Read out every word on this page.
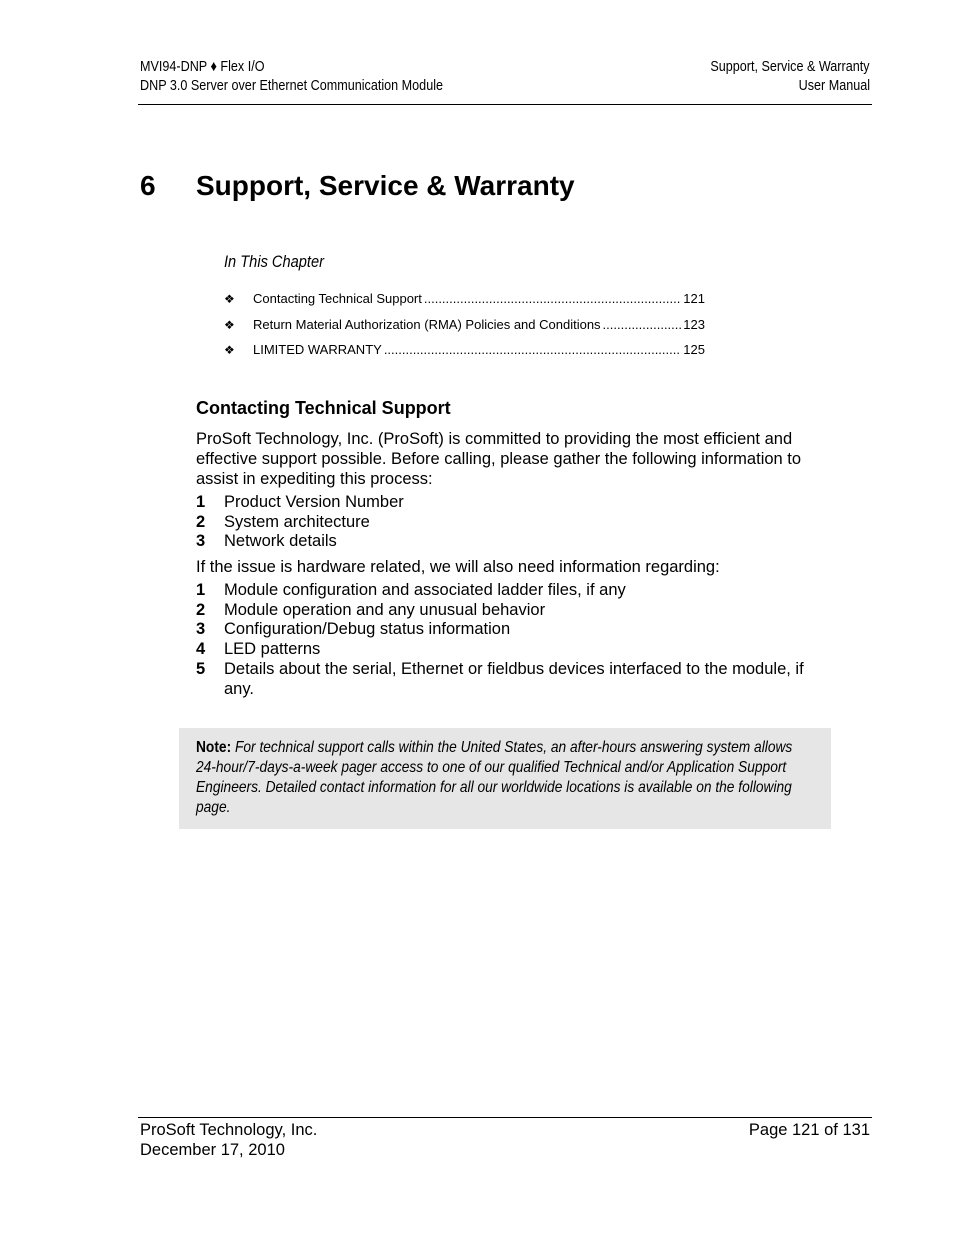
MVI94-DNP ♦ Flex I/O
DNP 3.0 Server over Ethernet Communication Module
Support, Service & Warranty
User Manual
6 Support, Service & Warranty
In This Chapter
❖	Contacting Technical Support .....	121
❖	Return Material Authorization (RMA) Policies and Conditions .....	123
❖	LIMITED WARRANTY .....	125
Contacting Technical Support
ProSoft Technology, Inc. (ProSoft) is committed to providing the most efficient and effective support possible. Before calling, please gather the following information to assist in expediting this process:
1	Product Version Number
2	System architecture
3	Network details
If the issue is hardware related, we will also need information regarding:
1	Module configuration and associated ladder files, if any
2	Module operation and any unusual behavior
3	Configuration/Debug status information
4	LED patterns
5	Details about the serial, Ethernet or fieldbus devices interfaced to the module, if any.
Note: For technical support calls within the United States, an after-hours answering system allows 24-hour/7-days-a-week pager access to one of our qualified Technical and/or Application Support Engineers. Detailed contact information for all our worldwide locations is available on the following page.
ProSoft Technology, Inc.
December 17, 2010
Page 121 of 131
